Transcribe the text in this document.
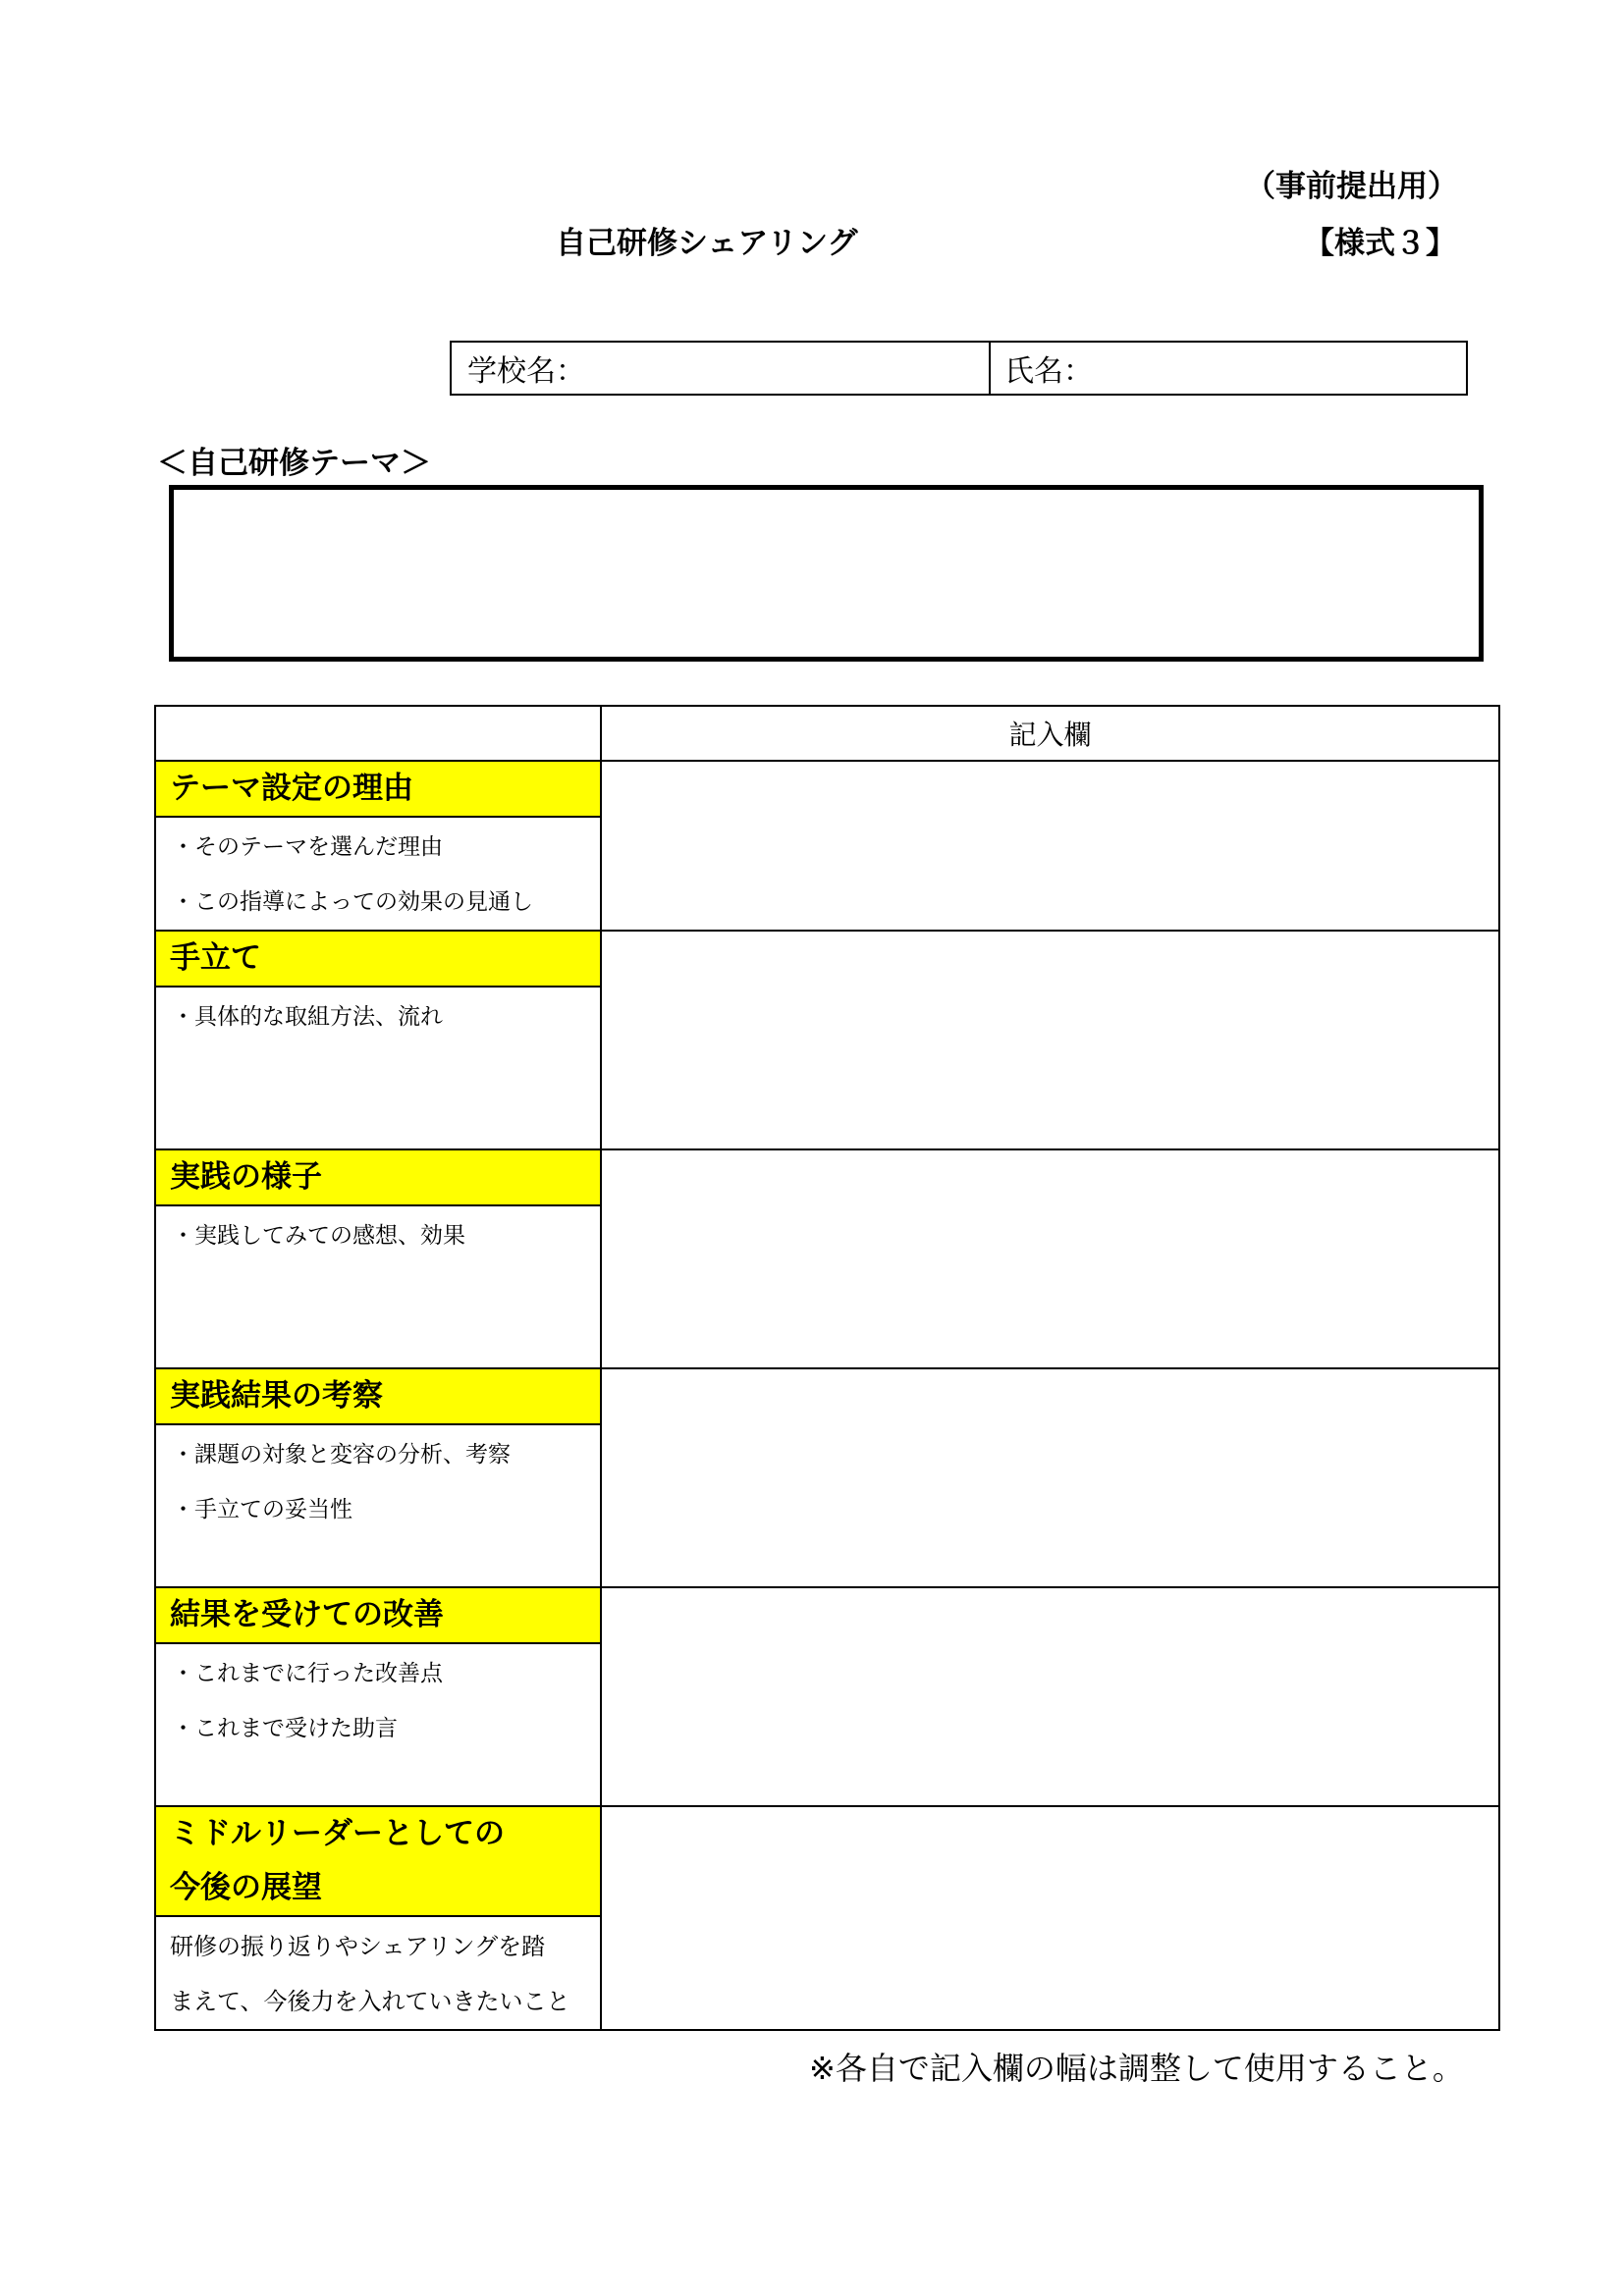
（事前提出用）
自己研修シェアリング	【様式３】
学校名：	氏名：
＜自己研修テーマ＞
	記入欄

テーマ設定の理由
・そのテーマを選んだ理由
・この指導によっての効果の見通し	

手立て
・具体的な取組方法、流れ	

実践の様子
・実践してみての感想、効果	

実践結果の考察
・課題の対象と変容の分析、考察
・手立ての妥当性	

結果を受けての改善
・これまでに行った改善点
・これまで受けた助言	

ミドルリーダーとしての
今後の展望
研修の振り返りやシェアリングを踏
まえて、今後力を入れていきたいこと	

※各自で記入欄の幅は調整して使用すること。
